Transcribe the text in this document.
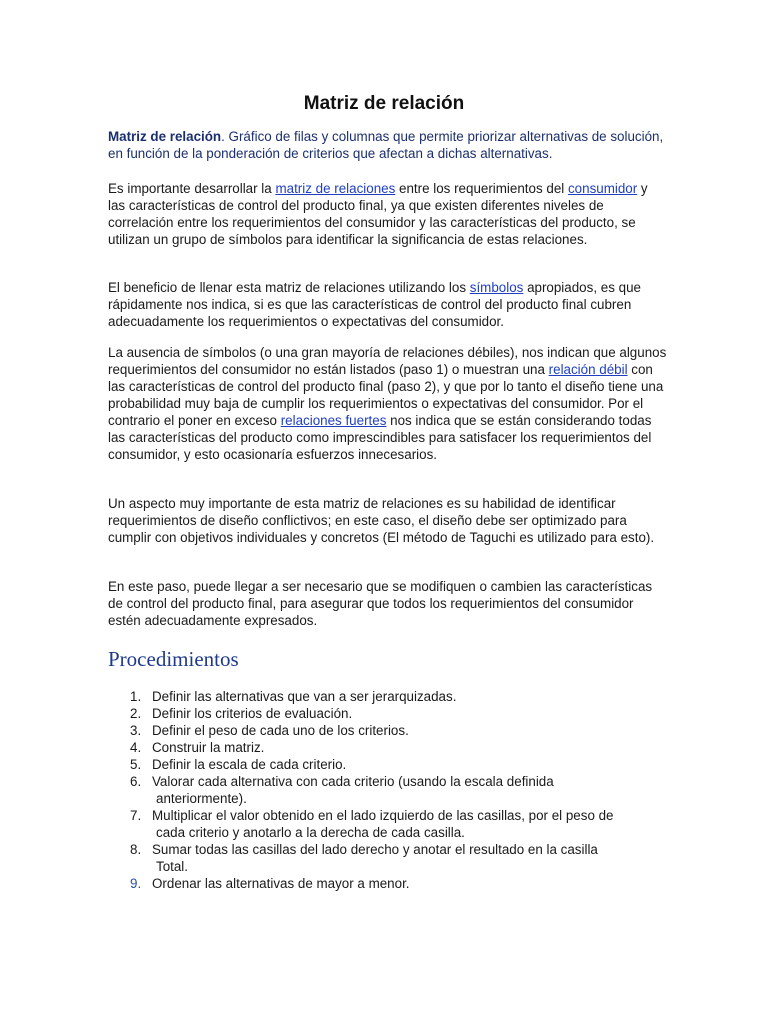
Matriz de relación

Matriz de relación. Gráfico de filas y columnas que permite priorizar alternativas de solución, en función de la ponderación de criterios que afectan a dichas alternativas.

Es importante desarrollar la matriz de relaciones entre los requerimientos del consumidor y las características de control del producto final, ya que existen diferentes niveles de correlación entre los requerimientos del consumidor y las características del producto, se utilizan un grupo de símbolos para identificar la significancia de estas relaciones.

El beneficio de llenar esta matriz de relaciones utilizando los símbolos apropiados, es que rápidamente nos indica, si es que las características de control del producto final cubren adecuadamente los requerimientos o expectativas del consumidor.

La ausencia de símbolos (o una gran mayoría de relaciones débiles), nos indican que algunos requerimientos del consumidor no están listados (paso 1) o muestran una relación débil con las características de control del producto final (paso 2), y que por lo tanto el diseño tiene una probabilidad muy baja de cumplir los requerimientos o expectativas del consumidor. Por el contrario el poner en exceso relaciones fuertes nos indica que se están considerando todas las características del producto como imprescindibles para satisfacer los requerimientos del consumidor, y esto ocasionaría esfuerzos innecesarios.

Un aspecto muy importante de esta matriz de relaciones es su habilidad de identificar requerimientos de diseño conflictivos; en este caso, el diseño debe ser optimizado para cumplir con objetivos individuales y concretos (El método de Taguchi es utilizado para esto).

En este paso, puede llegar a ser necesario que se modifiquen o cambien las características de control del producto final, para asegurar que todos los requerimientos del consumidor estén adecuadamente expresados.

Procedimientos
1. Definir las alternativas que van a ser jerarquizadas.
2. Definir los criterios de evaluación.
3. Definir el peso de cada uno de los criterios.
4. Construir la matriz.
5. Definir la escala de cada criterio.
6. Valorar cada alternativa con cada criterio (usando la escala definida
anteriormente).
7. Multiplicar el valor obtenido en el lado izquierdo de las casillas, por el peso de
cada criterio y anotarlo a la derecha de cada casilla.
8. Sumar todas las casillas del lado derecho y anotar el resultado en la casilla
Total.
9. Ordenar las alternativas de mayor a menor.
